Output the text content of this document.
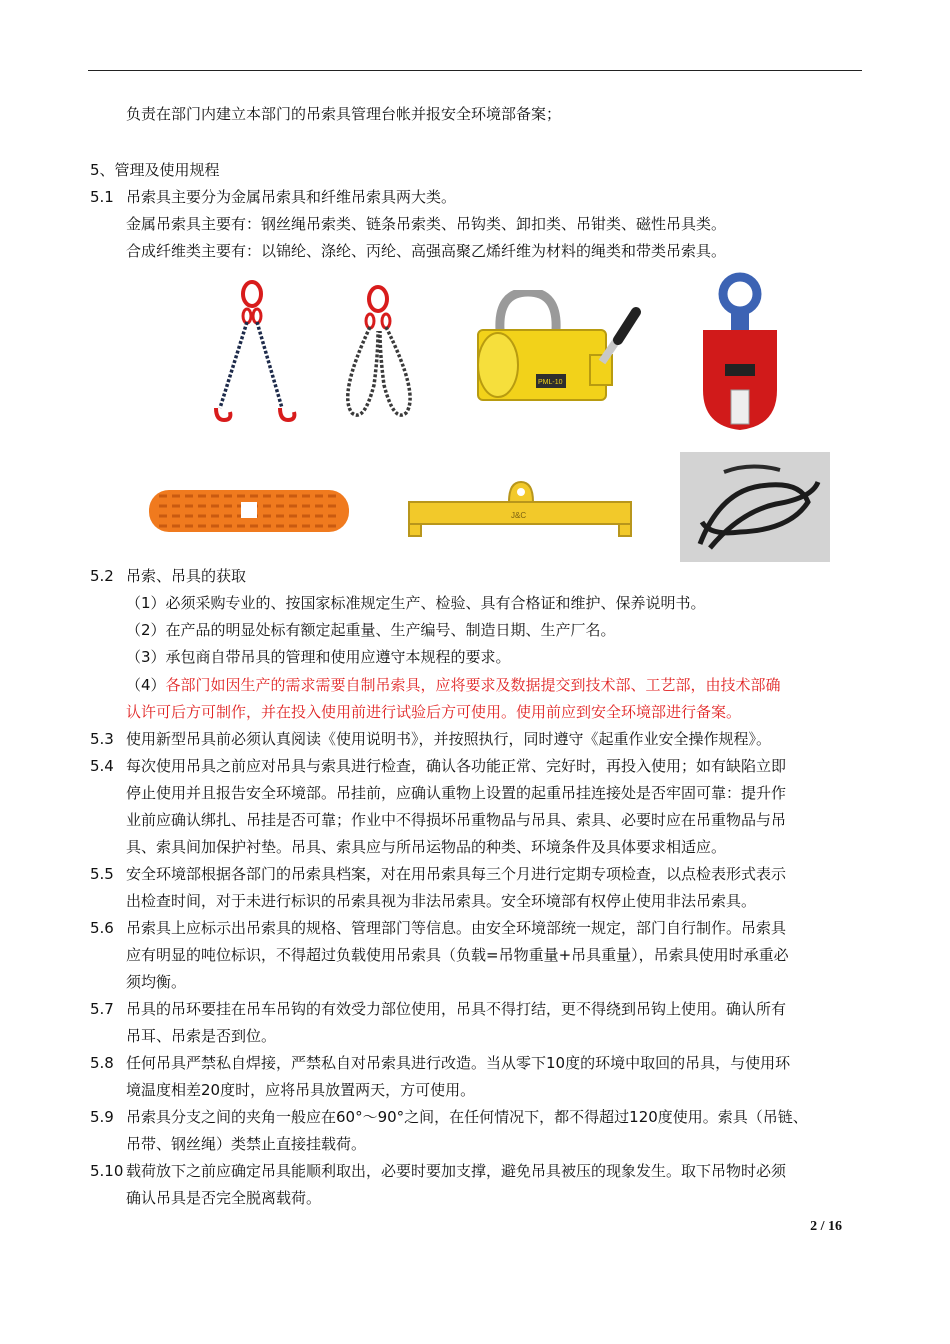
负责在部门内建立本部门的吊索具管理台帐并报安全环境部备案；
5、管理及使用规程
5.1 吊索具主要分为金属吊索具和纤维吊索具两大类。
金属吊索具主要有：钢丝绳吊索类、链条吊索类、吊钩类、卸扣类、吊钳类、磁性吊具类。
合成纤维类主要有：以锦纶、涤纶、丙纶、高强高聚乙烯纤维为材料的绳类和带类吊索具。
PML-10
J&C
5.2 吊索、吊具的获取
（1）必须采购专业的、按国家标准规定生产、检验、具有合格证和维护、保养说明书。
（2）在产品的明显处标有额定起重量、生产编号、制造日期、生产厂名。
（3）承包商自带吊具的管理和使用应遵守本规程的要求。
（4）各部门如因生产的需求需要自制吊索具，应将要求及数据提交到技术部、工艺部，由技术部确
认许可后方可制作，并在投入使用前进行试验后方可使用。使用前应到安全环境部进行备案。
5.3 使用新型吊具前必须认真阅读《使用说明书》，并按照执行，同时遵守《起重作业安全操作规程》。
5.4 每次使用吊具之前应对吊具与索具进行检查，确认各功能正常、完好时，再投入使用；如有缺陷立即
停止使用并且报告安全环境部。吊挂前，应确认重物上设置的起重吊挂连接处是否牢固可靠：提升作
业前应确认绑扎、吊挂是否可靠；作业中不得损坏吊重物品与吊具、索具、必要时应在吊重物品与吊
具、索具间加保护衬垫。吊具、索具应与所吊运物品的种类、环境条件及具体要求相适应。
5.5 安全环境部根据各部门的吊索具档案，对在用吊索具每三个月进行定期专项检查，以点检表形式表示
出检查时间，对于未进行标识的吊索具视为非法吊索具。安全环境部有权停止使用非法吊索具。
5.6 吊索具上应标示出吊索具的规格、管理部门等信息。由安全环境部统一规定，部门自行制作。吊索具
应有明显的吨位标识，不得超过负载使用吊索具（负载=吊物重量+吊具重量），吊索具使用时承重必
须均衡。
5.7 吊具的吊环要挂在吊车吊钩的有效受力部位使用，吊具不得打结，更不得绕到吊钩上使用。确认所有
吊耳、吊索是否到位。
5.8 任何吊具严禁私自焊接，严禁私自对吊索具进行改造。当从零下10度的环境中取回的吊具，与使用环
境温度相差20度时，应将吊具放置两天，方可使用。
5.9 吊索具分支之间的夹角一般应在60°～90°之间，在任何情况下，都不得超过120度使用。索具（吊链、
吊带、钢丝绳）类禁止直接挂载荷。
5.10 载荷放下之前应确定吊具能顺利取出，必要时要加支撑，避免吊具被压的现象发生。取下吊物时必须
确认吊具是否完全脱离载荷。
2 / 16
